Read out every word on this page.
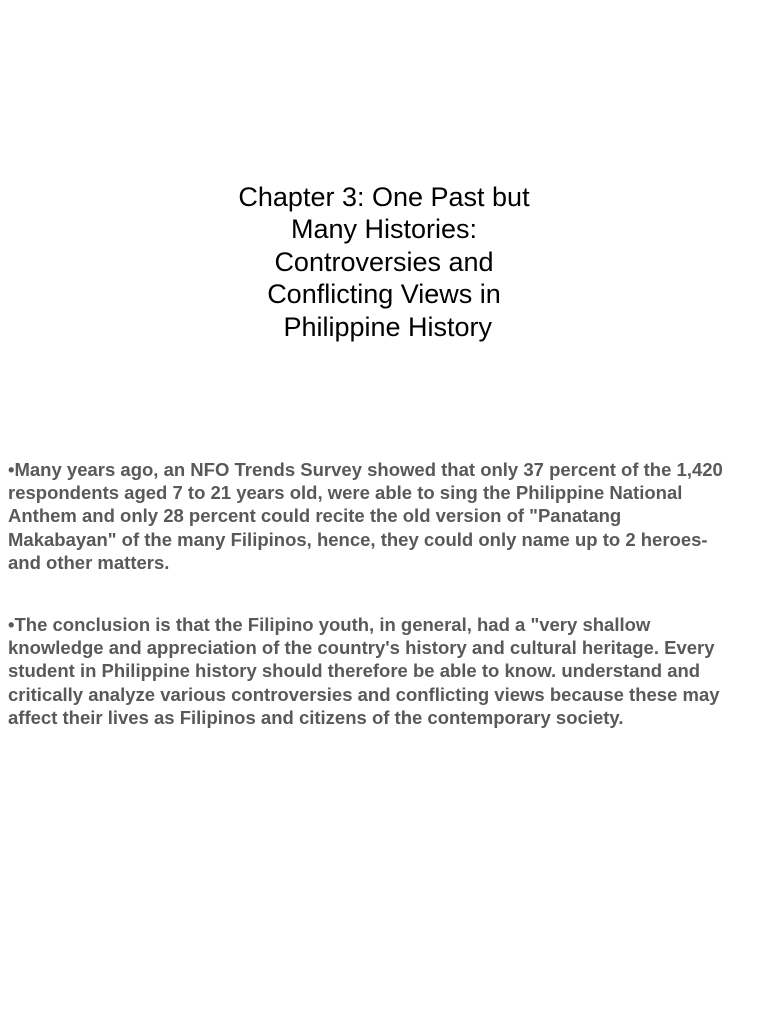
Chapter 3: One Past but
Many Histories:
Controversies and
Conflicting Views in
Philippine History

•Many years ago, an NFO Trends Survey showed that only 37 percent of the 1,420
respondents aged 7 to 21 years old, were able to sing the Philippine National
Anthem and only 28 percent could recite the old version of "Panatang
Makabayan" of the many Filipinos, hence, they could only name up to 2 heroes-
and other matters.

•The conclusion is that the Filipino youth, in general, had a "very shallow
knowledge and appreciation of the country's history and cultural heritage. Every
student in Philippine history should therefore be able to know. understand and
critically analyze various controversies and conflicting views because these may
affect their lives as Filipinos and citizens of the contemporary society.
